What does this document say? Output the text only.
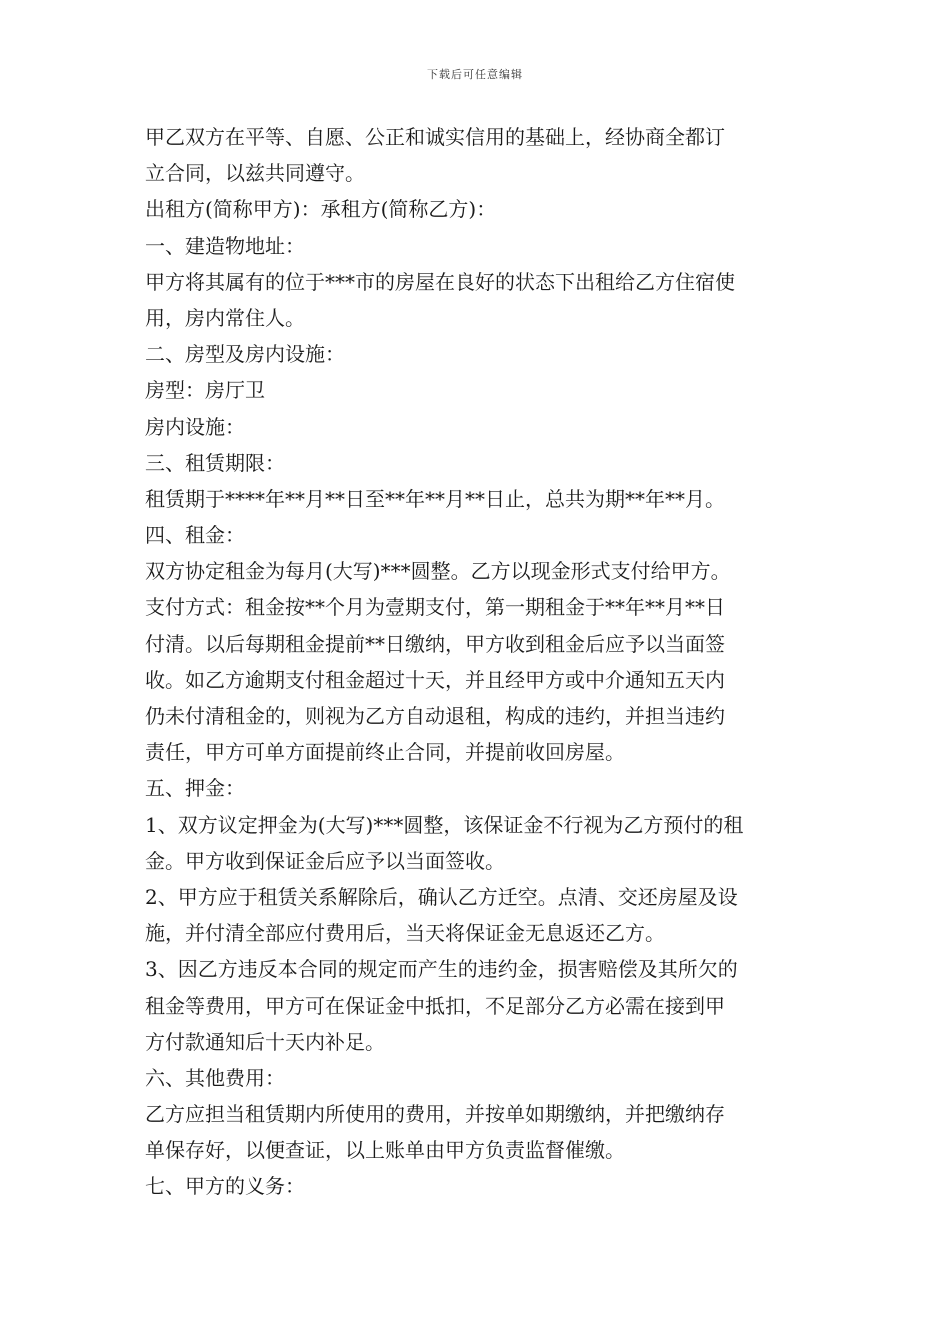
下载后可任意编辑
甲乙双方在平等、自愿、公正和诚实信用的基础上，经协商全都订
立合同，以兹共同遵守。
出租方(简称甲方)：承租方(简称乙方)：
一、建造物地址：
甲方将其属有的位于***市的房屋在良好的状态下出租给乙方住宿使
用，房内常住人。
二、房型及房内设施：
房型：房厅卫
房内设施：
三、租赁期限：
租赁期于****年**月**日至**年**月**日止，总共为期**年**月。
四、租金：
双方协定租金为每月(大写)***圆整。乙方以现金形式支付给甲方。
支付方式：租金按**个月为壹期支付，第一期租金于**年**月**日
付清。以后每期租金提前**日缴纳，甲方收到租金后应予以当面签
收。如乙方逾期支付租金超过十天，并且经甲方或中介通知五天内
仍未付清租金的，则视为乙方自动退租，构成的违约，并担当违约
责任，甲方可单方面提前终止合同，并提前收回房屋。
五、押金：
1、双方议定押金为(大写)***圆整，该保证金不行视为乙方预付的租
金。甲方收到保证金后应予以当面签收。
2、甲方应于租赁关系解除后，确认乙方迁空。点清、交还房屋及设
施，并付清全部应付费用后，当天将保证金无息返还乙方。
3、因乙方违反本合同的规定而产生的违约金，损害赔偿及其所欠的
租金等费用，甲方可在保证金中抵扣，不足部分乙方必需在接到甲
方付款通知后十天内补足。
六、其他费用：
乙方应担当租赁期内所使用的费用，并按单如期缴纳，并把缴纳存
单保存好，以便查证，以上账单由甲方负责监督催缴。
七、甲方的义务：
